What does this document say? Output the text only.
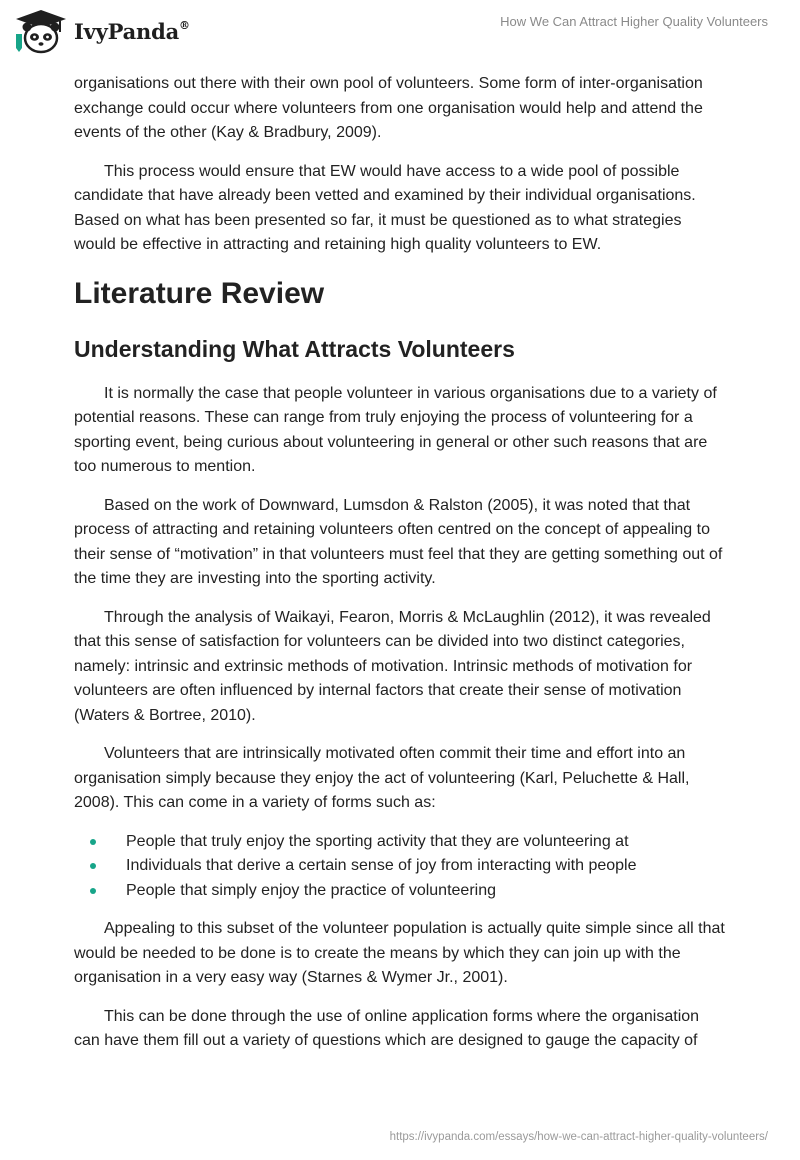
IvyPanda®	How We Can Attract Higher Quality Volunteers

organisations out there with their own pool of volunteers. Some form of inter-organisation exchange could occur where volunteers from one organisation would help and attend the events of the other (Kay & Bradbury, 2009).

This process would ensure that EW would have access to a wide pool of possible candidate that have already been vetted and examined by their individual organisations. Based on what has been presented so far, it must be questioned as to what strategies would be effective in attracting and retaining high quality volunteers to EW.

Literature Review
Understanding What Attracts Volunteers

It is normally the case that people volunteer in various organisations due to a variety of potential reasons. These can range from truly enjoying the process of volunteering for a sporting event, being curious about volunteering in general or other such reasons that are too numerous to mention.

Based on the work of Downward, Lumsdon & Ralston (2005), it was noted that that process of attracting and retaining volunteers often centred on the concept of appealing to their sense of “motivation” in that volunteers must feel that they are getting something out of the time they are investing into the sporting activity.

Through the analysis of Waikayi, Fearon, Morris & McLaughlin (2012), it was revealed that this sense of satisfaction for volunteers can be divided into two distinct categories, namely: intrinsic and extrinsic methods of motivation. Intrinsic methods of motivation for volunteers are often influenced by internal factors that create their sense of motivation (Waters & Bortree, 2010).

Volunteers that are intrinsically motivated often commit their time and effort into an organisation simply because they enjoy the act of volunteering (Karl, Peluchette & Hall, 2008). This can come in a variety of forms such as:

People that truly enjoy the sporting activity that they are volunteering at
Individuals that derive a certain sense of joy from interacting with people
People that simply enjoy the practice of volunteering

Appealing to this subset of the volunteer population is actually quite simple since all that would be needed to be done is to create the means by which they can join up with the organisation in a very easy way (Starnes & Wymer Jr., 2001).

This can be done through the use of online application forms where the organisation can have them fill out a variety of questions which are designed to gauge the capacity of

https://ivypanda.com/essays/how-we-can-attract-higher-quality-volunteers/
